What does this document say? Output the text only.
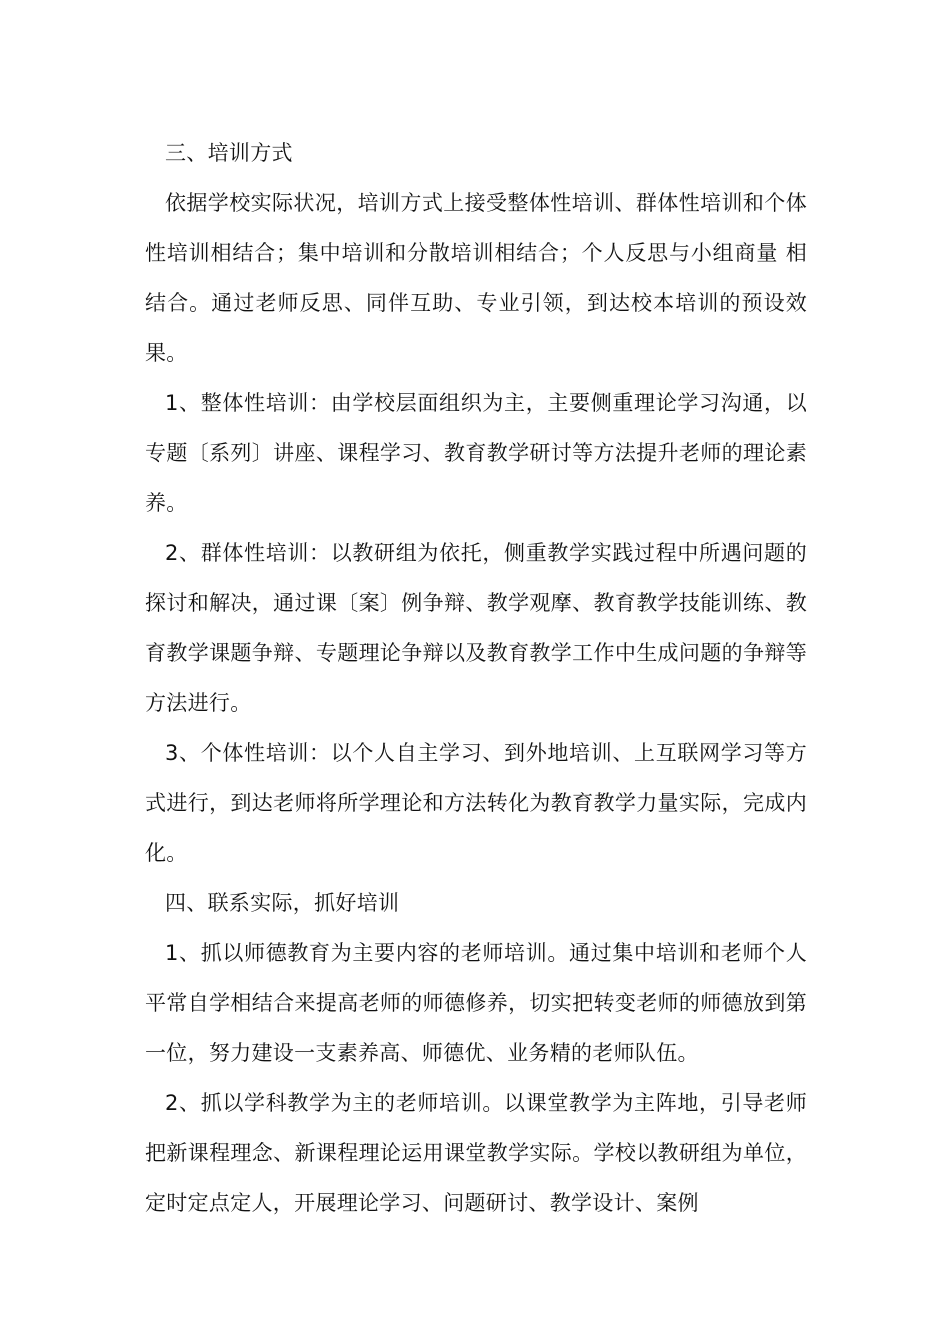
三、培训方式

依据学校实际状况，培训方式上接受整体性培训、群体性培训和个体性培训相结合；集中培训和分散培训相结合；个人反思与小组商量 相结合。通过老师反思、同伴互助、专业引领，到达校本培训的预设效果。

1、整体性培训：由学校层面组织为主，主要侧重理论学习沟通，以专题〔系列〕讲座、课程学习、教育教学研讨等方法提升老师的理论素养。

2、群体性培训：以教研组为依托，侧重教学实践过程中所遇问题的探讨和解决，通过课〔案〕例争辩、教学观摩、教育教学技能训练、教育教学课题争辩、专题理论争辩以及教育教学工作中生成问题的争辩等方法进行。

3、个体性培训：以个人自主学习、到外地培训、上互联网学习等方式进行，到达老师将所学理论和方法转化为教育教学力量实际，完成内化。

四、联系实际，抓好培训

1、抓以师德教育为主要内容的老师培训。通过集中培训和老师个人平常自学相结合来提高老师的师德修养，切实把转变老师的师德放到第一位，努力建设一支素养高、师德优、业务精的老师队伍。

2、抓以学科教学为主的老师培训。以课堂教学为主阵地，引导老师把新课程理念、新课程理论运用课堂教学实际。学校以教研组为单位，定时定点定人，开展理论学习、问题研讨、教学设计、案例
